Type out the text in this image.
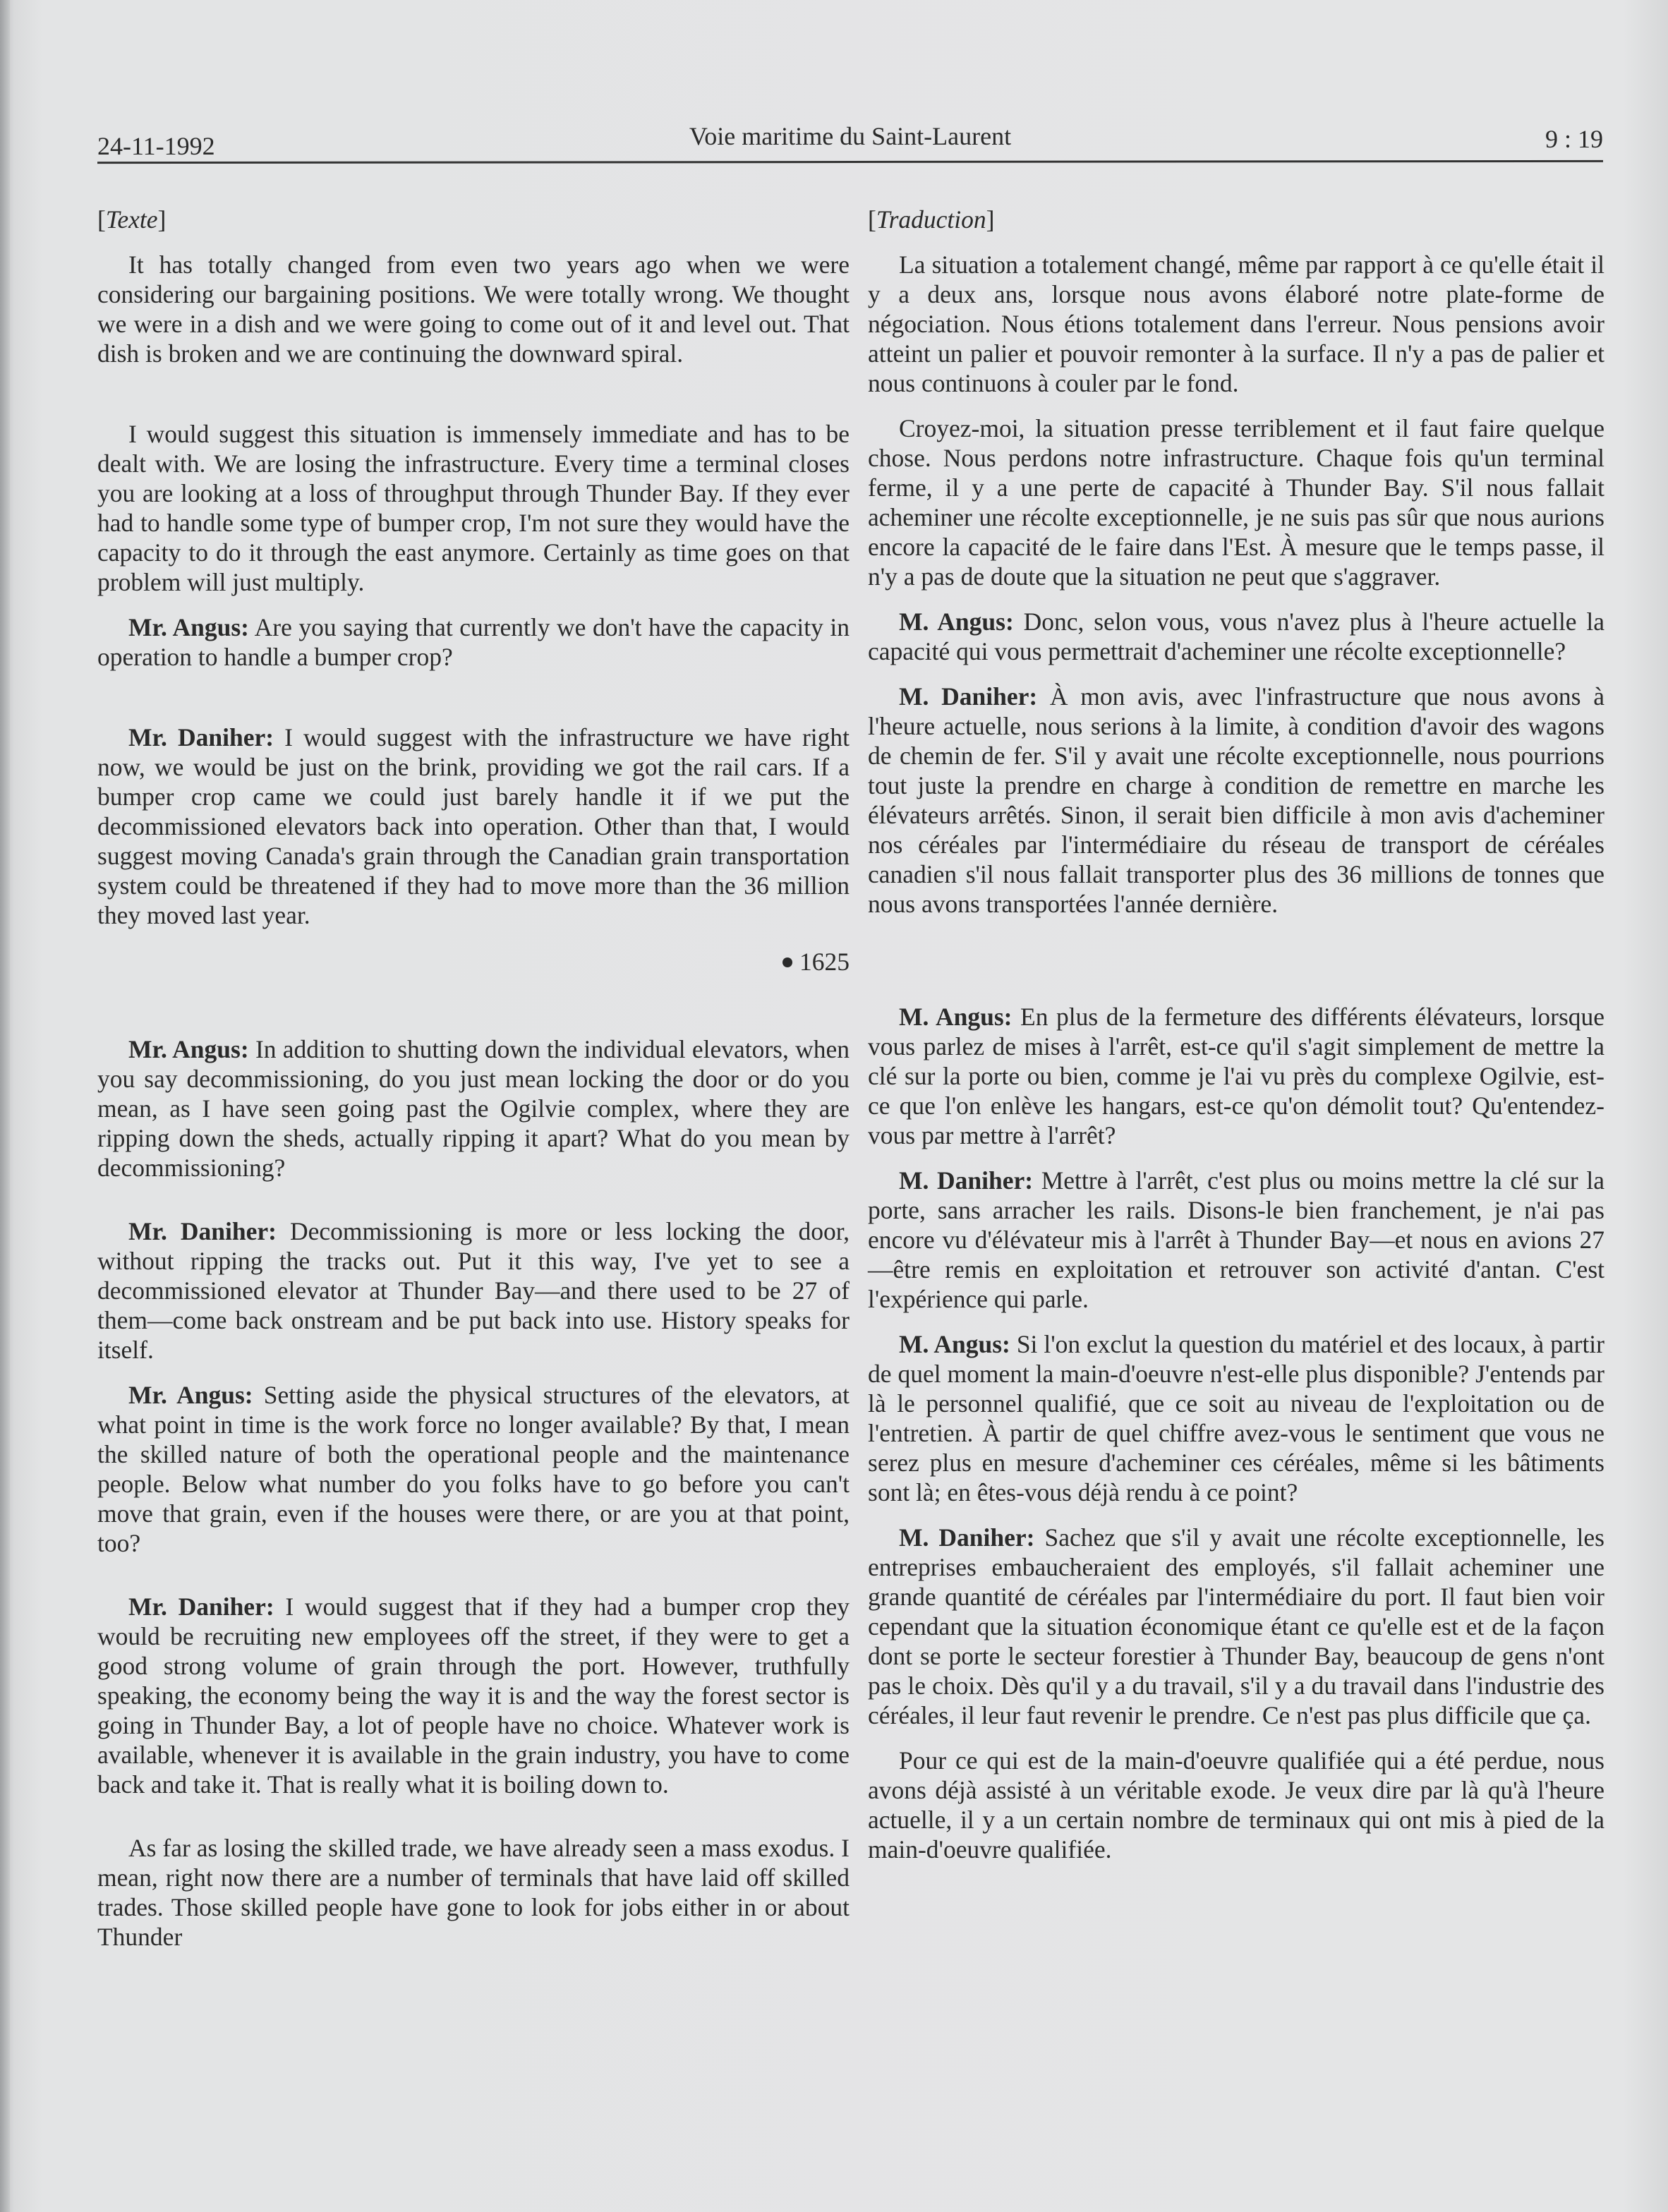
24-11-1992	Voie maritime du Saint-Laurent	9 : 19
[Texte]

It has totally changed from even two years ago when we were considering our bargaining positions. We were totally wrong. We thought we were in a dish and we were going to come out of it and level out. That dish is broken and we are continuing the downward spiral.

I would suggest this situation is immensely immediate and has to be dealt with. We are losing the infrastructure. Every time a terminal closes you are looking at a loss of throughput through Thunder Bay. If they ever had to handle some type of bumper crop, I'm not sure they would have the capacity to do it through the east anymore. Certainly as time goes on that problem will just multiply.

Mr. Angus: Are you saying that currently we don't have the capacity in operation to handle a bumper crop?

Mr. Daniher: I would suggest with the infrastructure we have right now, we would be just on the brink, providing we got the rail cars. If a bumper crop came we could just barely handle it if we put the decommissioned elevators back into operation. Other than that, I would suggest moving Canada's grain through the Canadian grain transportation system could be threatened if they had to move more than the 36 million they moved last year.

1625

Mr. Angus: In addition to shutting down the individual elevators, when you say decommissioning, do you just mean locking the door or do you mean, as I have seen going past the Ogilvie complex, where they are ripping down the sheds, actually ripping it apart? What do you mean by decommissioning?

Mr. Daniher: Decommissioning is more or less locking the door, without ripping the tracks out. Put it this way, I've yet to see a decommissioned elevator at Thunder Bay—and there used to be 27 of them—come back onstream and be put back into use. History speaks for itself.

Mr. Angus: Setting aside the physical structures of the elevators, at what point in time is the work force no longer available? By that, I mean the skilled nature of both the operational people and the maintenance people. Below what number do you folks have to go before you can't move that grain, even if the houses were there, or are you at that point, too?

Mr. Daniher: I would suggest that if they had a bumper crop they would be recruiting new employees off the street, if they were to get a good strong volume of grain through the port. However, truthfully speaking, the economy being the way it is and the way the forest sector is going in Thunder Bay, a lot of people have no choice. Whatever work is available, whenever it is available in the grain industry, you have to come back and take it. That is really what it is boiling down to.

As far as losing the skilled trade, we have already seen a mass exodus. I mean, right now there are a number of terminals that have laid off skilled trades. Those skilled people have gone to look for jobs either in or about Thunder

[Traduction]

La situation a totalement changé, même par rapport à ce qu'elle était il y a deux ans, lorsque nous avons élaboré notre plate-forme de négociation. Nous étions totalement dans l'erreur. Nous pensions avoir atteint un palier et pouvoir remonter à la surface. Il n'y a pas de palier et nous continuons à couler par le fond.

Croyez-moi, la situation presse terriblement et il faut faire quelque chose. Nous perdons notre infrastructure. Chaque fois qu'un terminal ferme, il y a une perte de capacité à Thunder Bay. S'il nous fallait acheminer une récolte exceptionnelle, je ne suis pas sûr que nous aurions encore la capacité de le faire dans l'Est. À mesure que le temps passe, il n'y a pas de doute que la situation ne peut que s'aggraver.

M. Angus: Donc, selon vous, vous n'avez plus à l'heure actuelle la capacité qui vous permettrait d'acheminer une récolte exceptionnelle?

M. Daniher: À mon avis, avec l'infrastructure que nous avons à l'heure actuelle, nous serions à la limite, à condition d'avoir des wagons de chemin de fer. S'il y avait une récolte exceptionnelle, nous pourrions tout juste la prendre en charge à condition de remettre en marche les élévateurs arrêtés. Sinon, il serait bien difficile à mon avis d'acheminer nos céréales par l'intermédiaire du réseau de transport de céréales canadien s'il nous fallait transporter plus des 36 millions de tonnes que nous avons transportées l'année dernière.

M. Angus: En plus de la fermeture des différents élévateurs, lorsque vous parlez de mises à l'arrêt, est-ce qu'il s'agit simplement de mettre la clé sur la porte ou bien, comme je l'ai vu près du complexe Ogilvie, est-ce que l'on enlève les hangars, est-ce qu'on démolit tout? Qu'entendez-vous par mettre à l'arrêt?

M. Daniher: Mettre à l'arrêt, c'est plus ou moins mettre la clé sur la porte, sans arracher les rails. Disons-le bien franchement, je n'ai pas encore vu d'élévateur mis à l'arrêt à Thunder Bay—et nous en avions 27—être remis en exploitation et retrouver son activité d'antan. C'est l'expérience qui parle.

M. Angus: Si l'on exclut la question du matériel et des locaux, à partir de quel moment la main-d'oeuvre n'est-elle plus disponible? J'entends par là le personnel qualifié, que ce soit au niveau de l'exploitation ou de l'entretien. À partir de quel chiffre avez-vous le sentiment que vous ne serez plus en mesure d'acheminer ces céréales, même si les bâtiments sont là; en êtes-vous déjà rendu à ce point?

M. Daniher: Sachez que s'il y avait une récolte exceptionnelle, les entreprises embaucheraient des employés, s'il fallait acheminer une grande quantité de céréales par l'intermédiaire du port. Il faut bien voir cependant que la situation économique étant ce qu'elle est et de la façon dont se porte le secteur forestier à Thunder Bay, beaucoup de gens n'ont pas le choix. Dès qu'il y a du travail, s'il y a du travail dans l'industrie des céréales, il leur faut revenir le prendre. Ce n'est pas plus difficile que ça.

Pour ce qui est de la main-d'oeuvre qualifiée qui a été perdue, nous avons déjà assisté à un véritable exode. Je veux dire par là qu'à l'heure actuelle, il y a un certain nombre de terminaux qui ont mis à pied de la main-d'oeuvre qualifiée.
